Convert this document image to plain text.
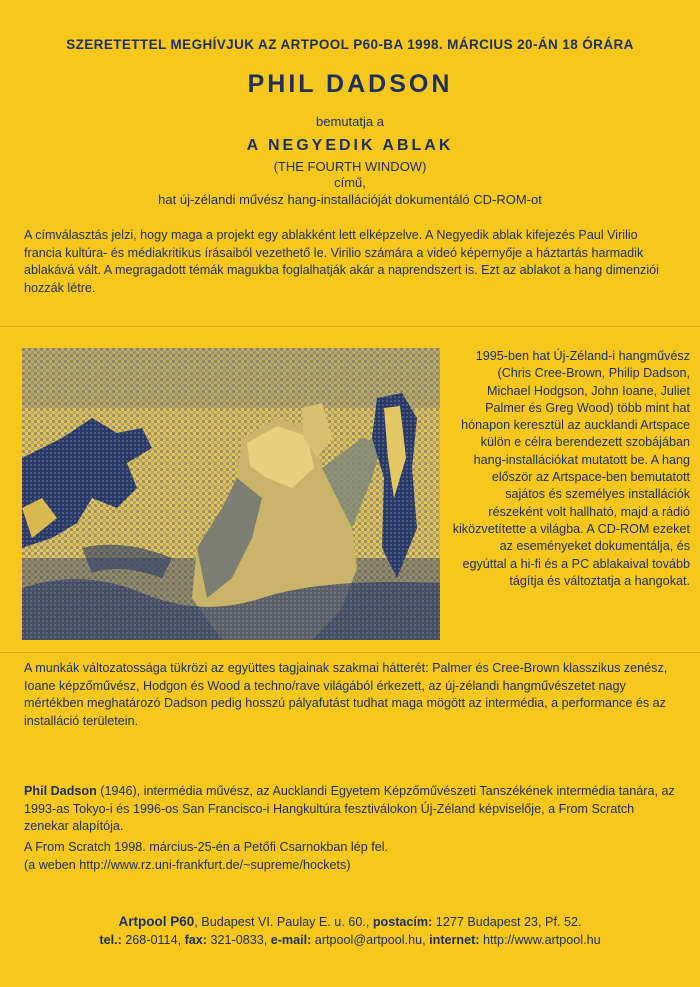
SZERETETTEL MEGHÍVJUK AZ ARTPOOL P60-BA 1998. MÁRCIUS 20-ÁN 18 ÓRÁRA
PHIL DADSON
bemutatja a
A NEGYEDIK ABLAK
(THE FOURTH WINDOW)
című,
hat új-zélandi művész hang-installációját dokumentáló CD-ROM-ot
A címválasztás jelzi, hogy maga a projekt egy ablakként lett elképzelve. A Negyedik ablak kifejezés Paul Virilio francia kultúra- és médiakritikus írásaiból vezethető le. Virilio számára a videó képernyője a háztartás harmadik ablakává vált. A megragadott témák magukba foglalhatják akár a naprendszert is. Ezt az ablakot a hang dimenziói hozzák létre.
1995-ben hat Új-Zéland-i hangművész (Chris Cree-Brown, Philip Dadson, Michael Hodgson, John Ioane, Juliet Palmer és Greg Wood) több mint hat hónapon keresztül az aucklandi Artspace külön e célra berendezett szobájában hang-installációkat mutatott be. A hang először az Artspace-ben bemutatott sajátos és személyes installációk részeként volt hallható, majd a rádió kiközvetítette a világba. A CD-ROM ezeket az eseményeket dokumentálja, és egyúttal a hi-fi és a PC ablakaival tovább tágítja és változtatja a hangokat.
A munkák változatossága tükrözi az együttes tagjainak szakmai hátterét: Palmer és Cree-Brown klasszikus zenész, Ioane képzőművész, Hodgon és Wood a techno/rave világából érkezett, az új-zélandi hangművészetet nagy mértékben meghatározó Dadson pedig hosszú pályafutást tudhat maga mögött az intermédia, a performance és az installáció területein.
Phil Dadson (1946), intermédia művész, az Aucklandi Egyetem Képzőművészeti Tanszékének intermédia tanára, az 1993-as Tokyo-i és 1996-os San Francisco-i Hangkultúra fesztiválokon Új-Zéland képviselője, a From Scratch zenekar alapítója.
A From Scratch 1998. március-25-én a Petőfi Csarnokban lép fel.
(a weben http://www.rz.uni-frankfurt.de/~supreme/hockets)
Artpool P60, Budapest VI. Paulay E. u. 60., postacím: 1277 Budapest 23, Pf. 52.
tel.: 268-0114, fax: 321-0833, e-mail: artpool@artpool.hu, internet: http://www.artpool.hu
